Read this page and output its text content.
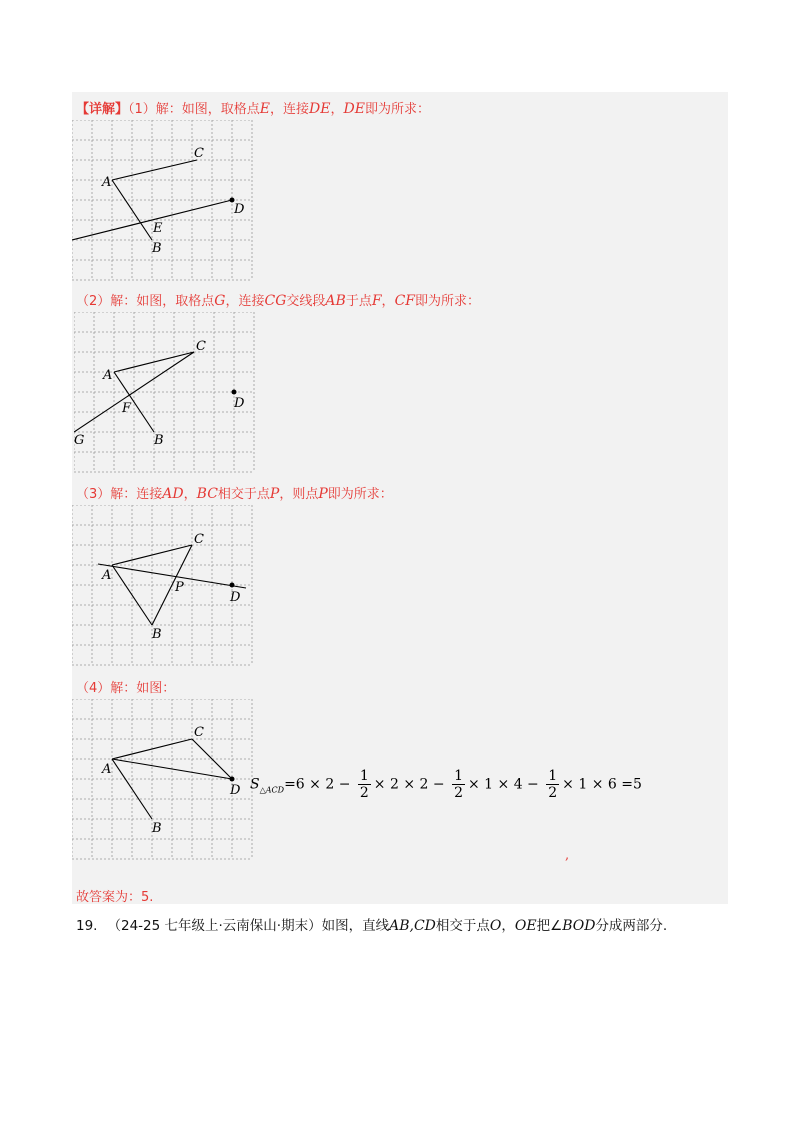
【详解】（1）解：如图，取格点E，连接DE，DE即为所求：
A
C
D
E
B
（2）解：如图，取格点G，连接CG交线段AB于点F，CF即为所求：
A
C
D
F
G	B
（3）解：连接AD，BC相交于点P，则点P即为所求：
A
C
D
P
B
（4）解：如图：
A
C
D
B
$S_{\triangle ACD}=6 \times 2 - \frac{1}{2} \times 2 \times 2 - \frac{1}{2} \times 1 \times 4 - \frac{1}{2} \times 1 \times 6 =5$
,
故答案为：5.
19. （24-25 七年级上·云南保山·期末）如图，直线AB,CD相交于点O，OE把∠BOD分成两部分.
